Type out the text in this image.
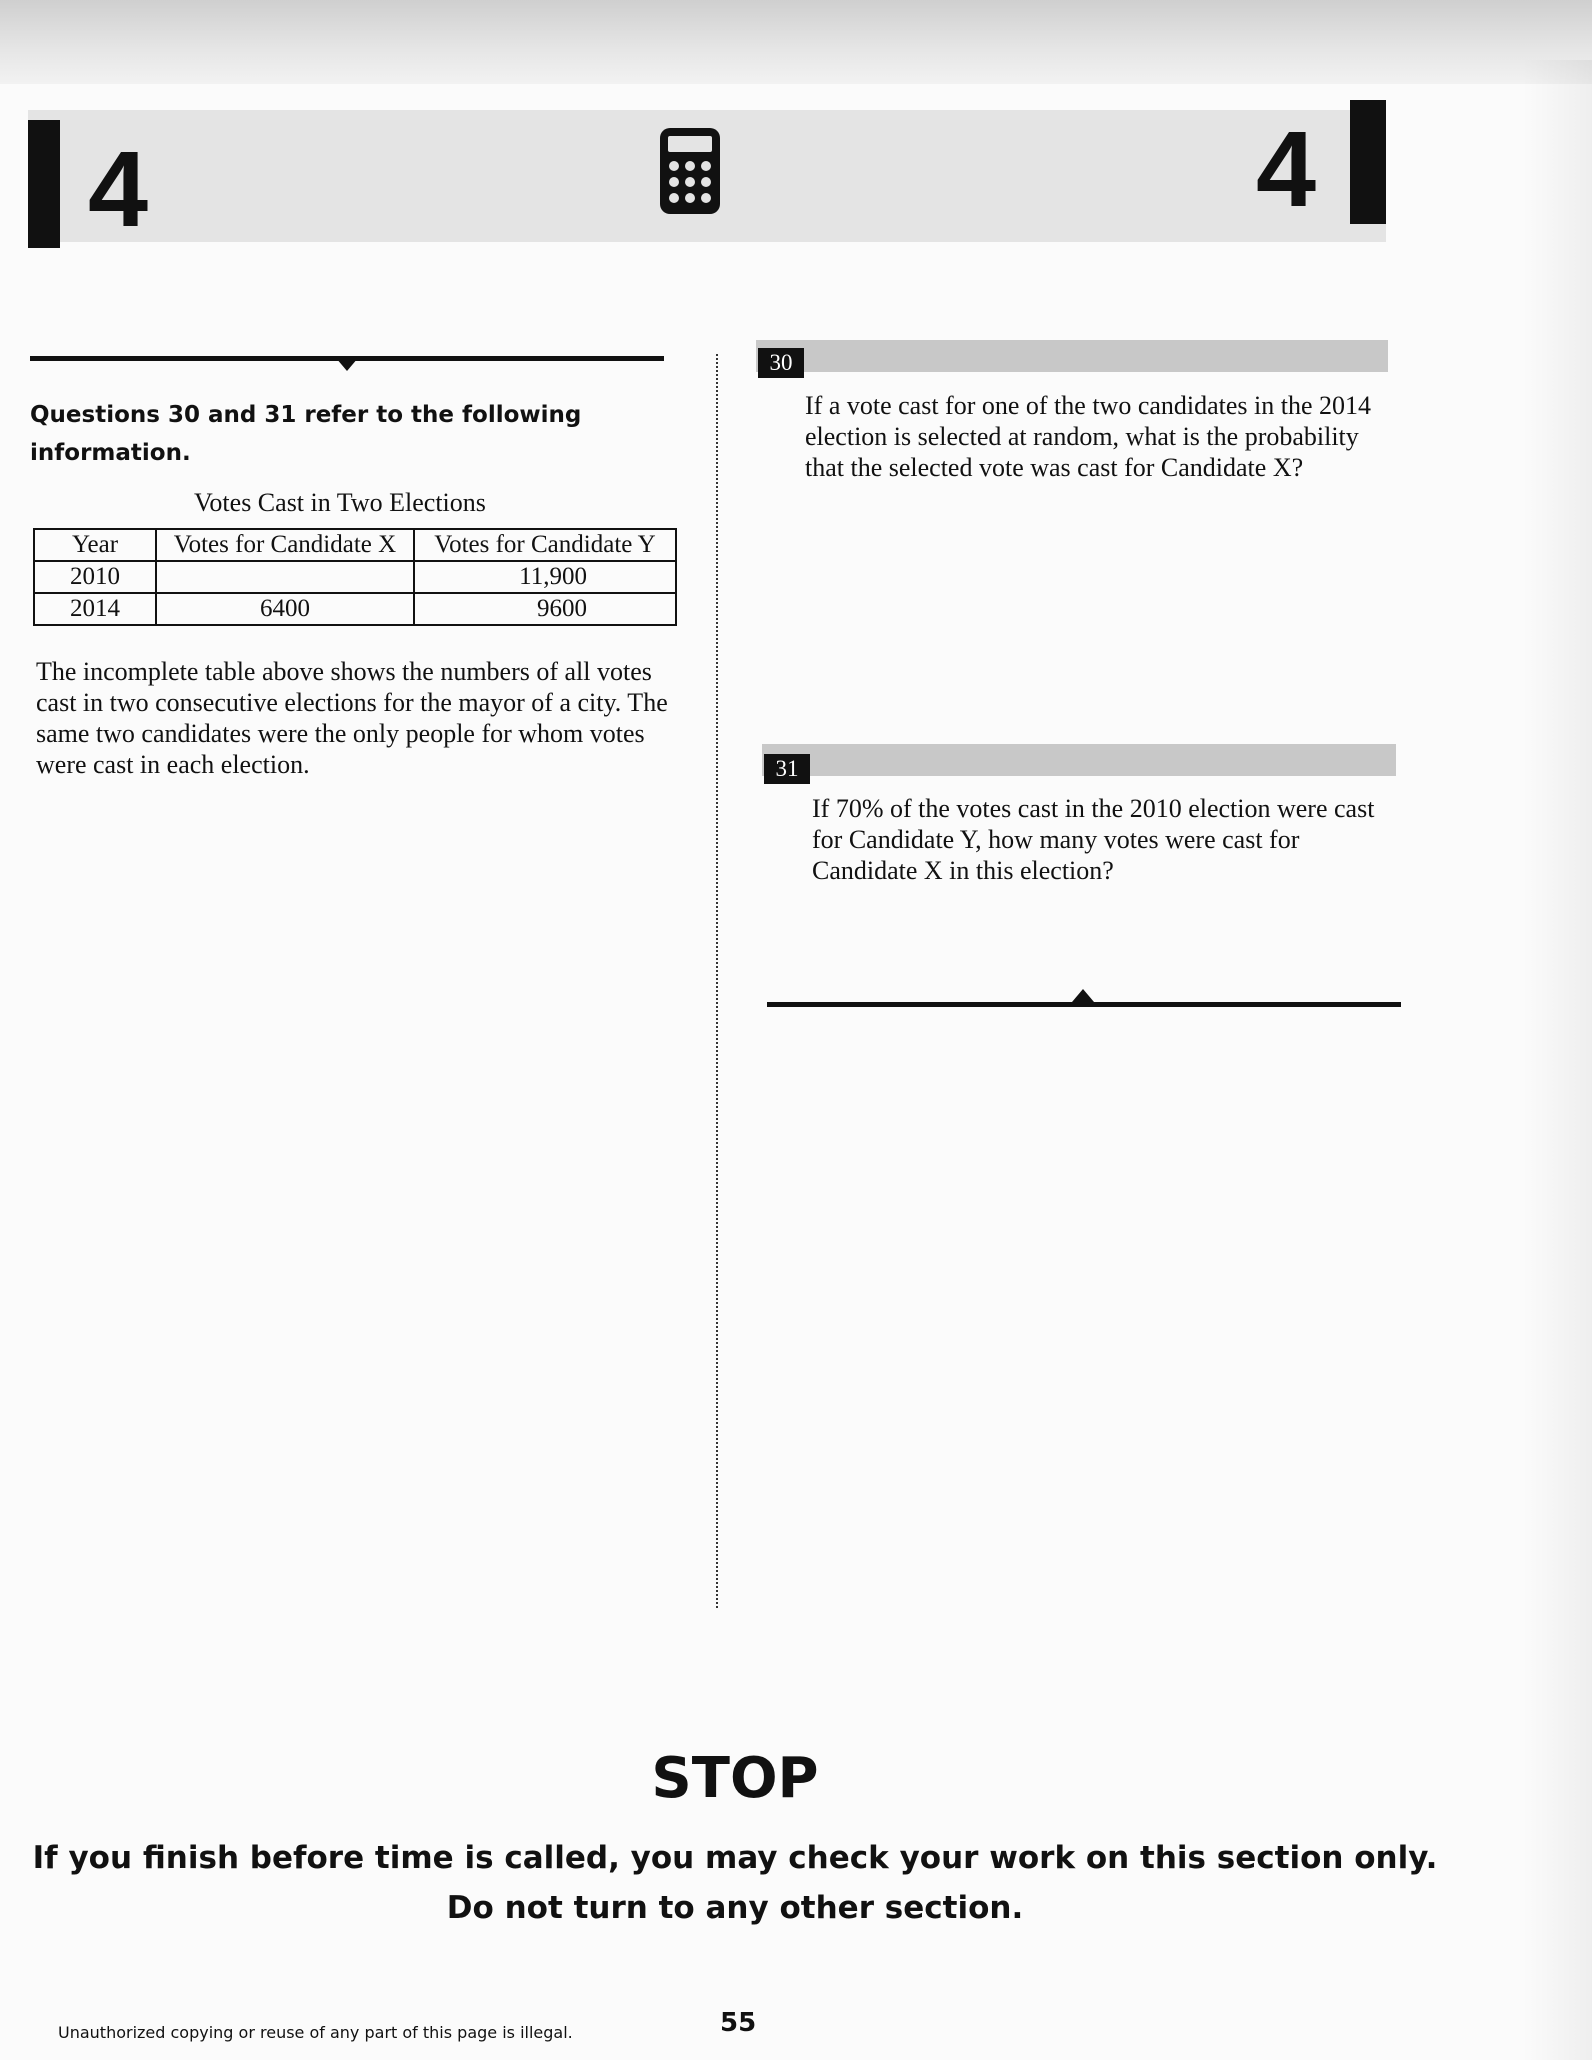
4	4
Questions 30 and 31 refer to the following information.
Votes Cast in Two Elections
Year	Votes for Candidate X	Votes for Candidate Y
2010		11,900
2014	6400	9600
The incomplete table above shows the numbers of all votes cast in two consecutive elections for the mayor of a city. The same two candidates were the only people for whom votes were cast in each election.
30
If a vote cast for one of the two candidates in the 2014 election is selected at random, what is the probability that the selected vote was cast for Candidate X?
31
If 70% of the votes cast in the 2010 election were cast for Candidate Y, how many votes were cast for Candidate X in this election?
STOP
If you finish before time is called, you may check your work on this section only.
Do not turn to any other section.
Unauthorized copying or reuse of any part of this page is illegal.	55
